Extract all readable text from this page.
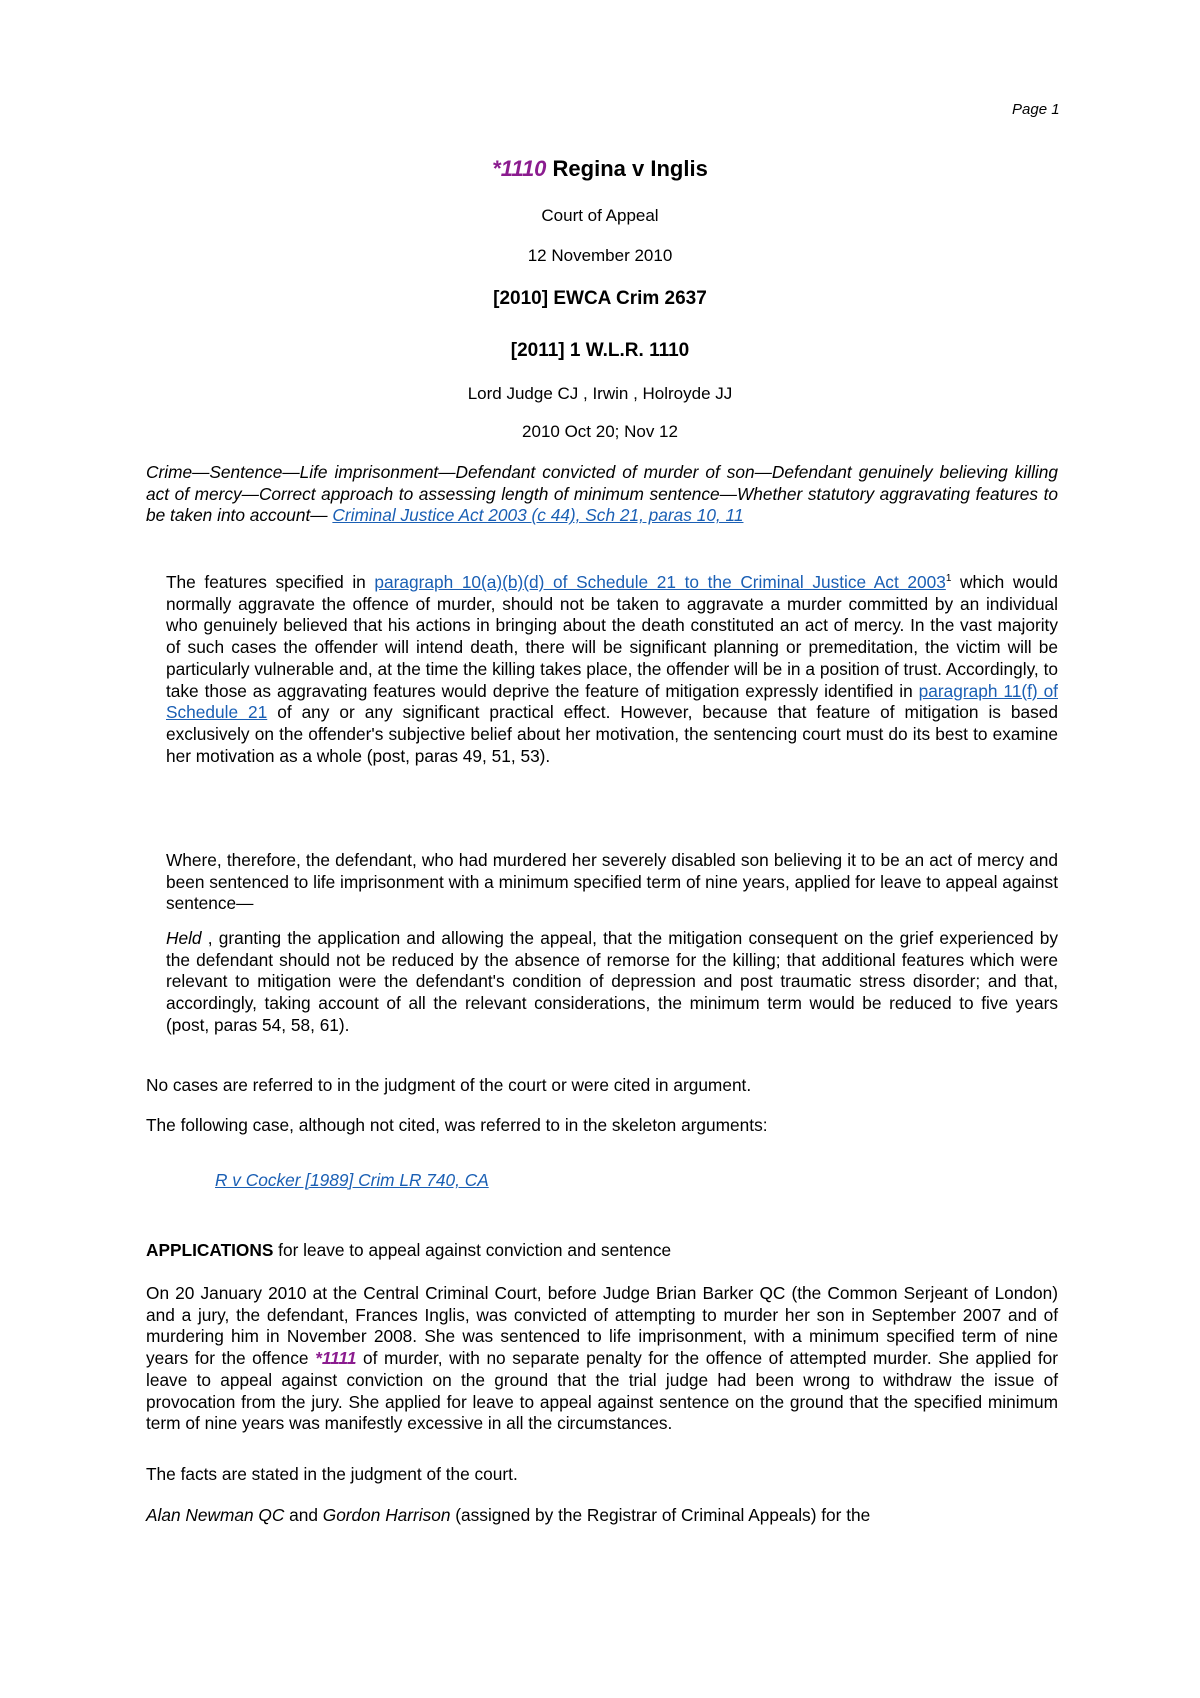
Page 1
*1110 Regina v Inglis
Court of Appeal
12 November 2010
[2010] EWCA Crim 2637
[2011] 1 W.L.R. 1110
Lord Judge CJ , Irwin , Holroyde JJ
2010 Oct 20; Nov 12

Crime—Sentence—Life imprisonment—Defendant convicted of murder of son—Defendant genuinely believing killing act of mercy—Correct approach to assessing length of minimum sentence—Whether statutory aggravating features to be taken into account— Criminal Justice Act 2003 (c 44), Sch 21, paras 10, 11

The features specified in paragraph 10(a)(b)(d) of Schedule 21 to the Criminal Justice Act 2003$^1$ which would normally aggravate the offence of murder, should not be taken to aggravate a murder committed by an individual who genuinely believed that his actions in bringing about the death constituted an act of mercy. In the vast majority of such cases the offender will intend death, there will be significant planning or premeditation, the victim will be particularly vulnerable and, at the time the killing takes place, the offender will be in a position of trust. Accordingly, to take those as aggravating features would deprive the feature of mitigation expressly identified in paragraph 11(f) of Schedule 21 of any or any significant practical effect. However, because that feature of mitigation is based exclusively on the offender's subjective belief about her motivation, the sentencing court must do its best to examine her motivation as a whole (post, paras 49, 51, 53).

Where, therefore, the defendant, who had murdered her severely disabled son believing it to be an act of mercy and been sentenced to life imprisonment with a minimum specified term of nine years, applied for leave to appeal against sentence—

Held , granting the application and allowing the appeal, that the mitigation consequent on the grief experienced by the defendant should not be reduced by the absence of remorse for the killing; that additional features which were relevant to mitigation were the defendant's condition of depression and post traumatic stress disorder; and that, accordingly, taking account of all the relevant considerations, the minimum term would be reduced to five years (post, paras 54, 58, 61).

No cases are referred to in the judgment of the court or were cited in argument.

The following case, although not cited, was referred to in the skeleton arguments:

R v Cocker [1989] Crim LR 740, CA

APPLICATIONS for leave to appeal against conviction and sentence

On 20 January 2010 at the Central Criminal Court, before Judge Brian Barker QC (the Common Serjeant of London) and a jury, the defendant, Frances Inglis, was convicted of attempting to murder her son in September 2007 and of murdering him in November 2008. She was sentenced to life imprisonment, with a minimum specified term of nine years for the offence *1111 of murder, with no separate penalty for the offence of attempted murder. She applied for leave to appeal against conviction on the ground that the trial judge had been wrong to withdraw the issue of provocation from the jury. She applied for leave to appeal against sentence on the ground that the specified minimum term of nine years was manifestly excessive in all the circumstances.

The facts are stated in the judgment of the court.

Alan Newman QC and Gordon Harrison (assigned by the Registrar of Criminal Appeals) for the
